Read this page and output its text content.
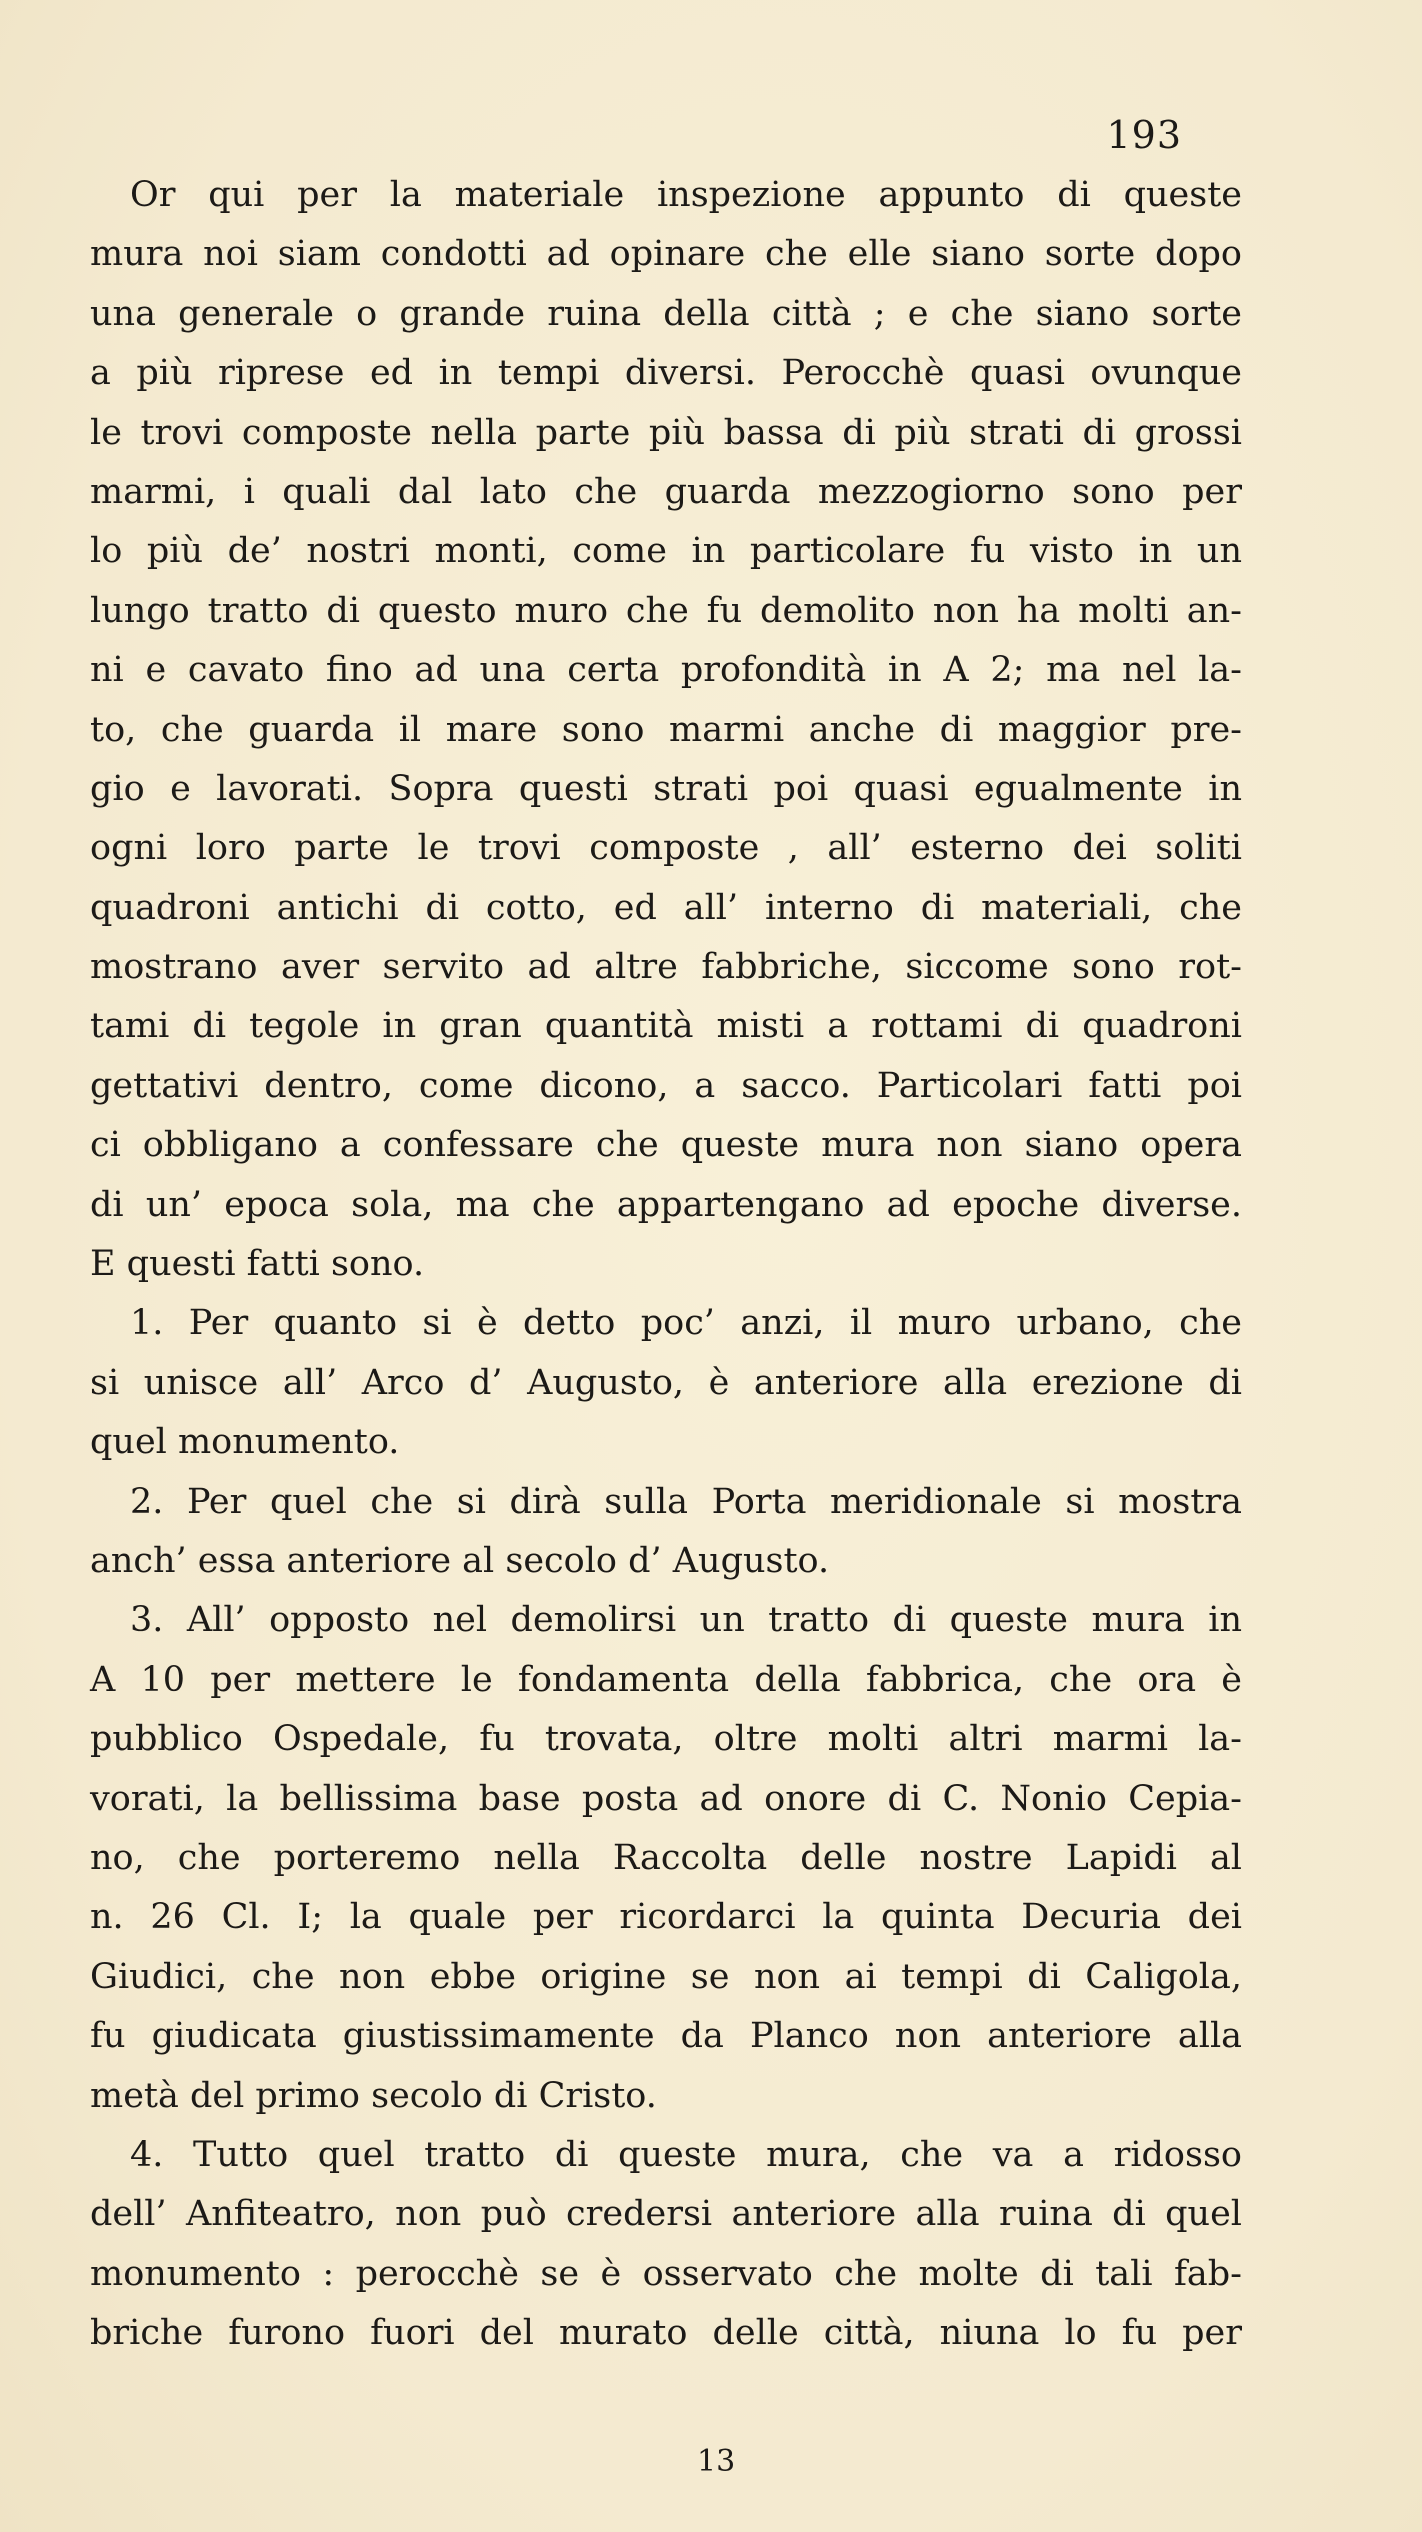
193
Or qui per la materiale inspezione appunto di queste
mura noi siam condotti ad opinare che elle siano sorte dopo
una generale o grande ruina della città ; e che siano sorte
a più riprese ed in tempi diversi. Perocchè quasi ovunque
le trovi composte nella parte più bassa di più strati di grossi
marmi, i quali dal lato che guarda mezzogiorno sono per
lo più de’ nostri monti, come in particolare fu visto in un
lungo tratto di questo muro che fu demolito non ha molti an-
ni e cavato fino ad una certa profondità in A 2; ma nel la-
to, che guarda il mare sono marmi anche di maggior pre-
gio e lavorati. Sopra questi strati poi quasi egualmente in
ogni loro parte le trovi composte , all’ esterno dei soliti
quadroni antichi di cotto, ed all’ interno di materiali, che
mostrano aver servito ad altre fabbriche, siccome sono rot-
tami di tegole in gran quantità misti a rottami di quadroni
gettativi dentro, come dicono, a sacco. Particolari fatti poi
ci obbligano a confessare che queste mura non siano opera
di un’ epoca sola, ma che appartengano ad epoche diverse.
E questi fatti sono.
1. Per quanto si è detto poc’ anzi, il muro urbano, che
si unisce all’ Arco d’ Augusto, è anteriore alla erezione di
quel monumento.
2. Per quel che si dirà sulla Porta meridionale si mostra
anch’ essa anteriore al secolo d’ Augusto.
3. All’ opposto nel demolirsi un tratto di queste mura in
A 10 per mettere le fondamenta della fabbrica, che ora è
pubblico Ospedale, fu trovata, oltre molti altri marmi la-
vorati, la bellissima base posta ad onore di C. Nonio Cepia-
no, che porteremo nella Raccolta delle nostre Lapidi al
n. 26 Cl. I; la quale per ricordarci la quinta Decuria dei
Giudici, che non ebbe origine se non ai tempi di Caligola,
fu giudicata giustissimamente da Planco non anteriore alla
metà del primo secolo di Cristo.
4. Tutto quel tratto di queste mura, che va a ridosso
dell’ Anfiteatro, non può credersi anteriore alla ruina di quel
monumento : perocchè se è osservato che molte di tali fab-
briche furono fuori del murato delle città, niuna lo fu per
13
